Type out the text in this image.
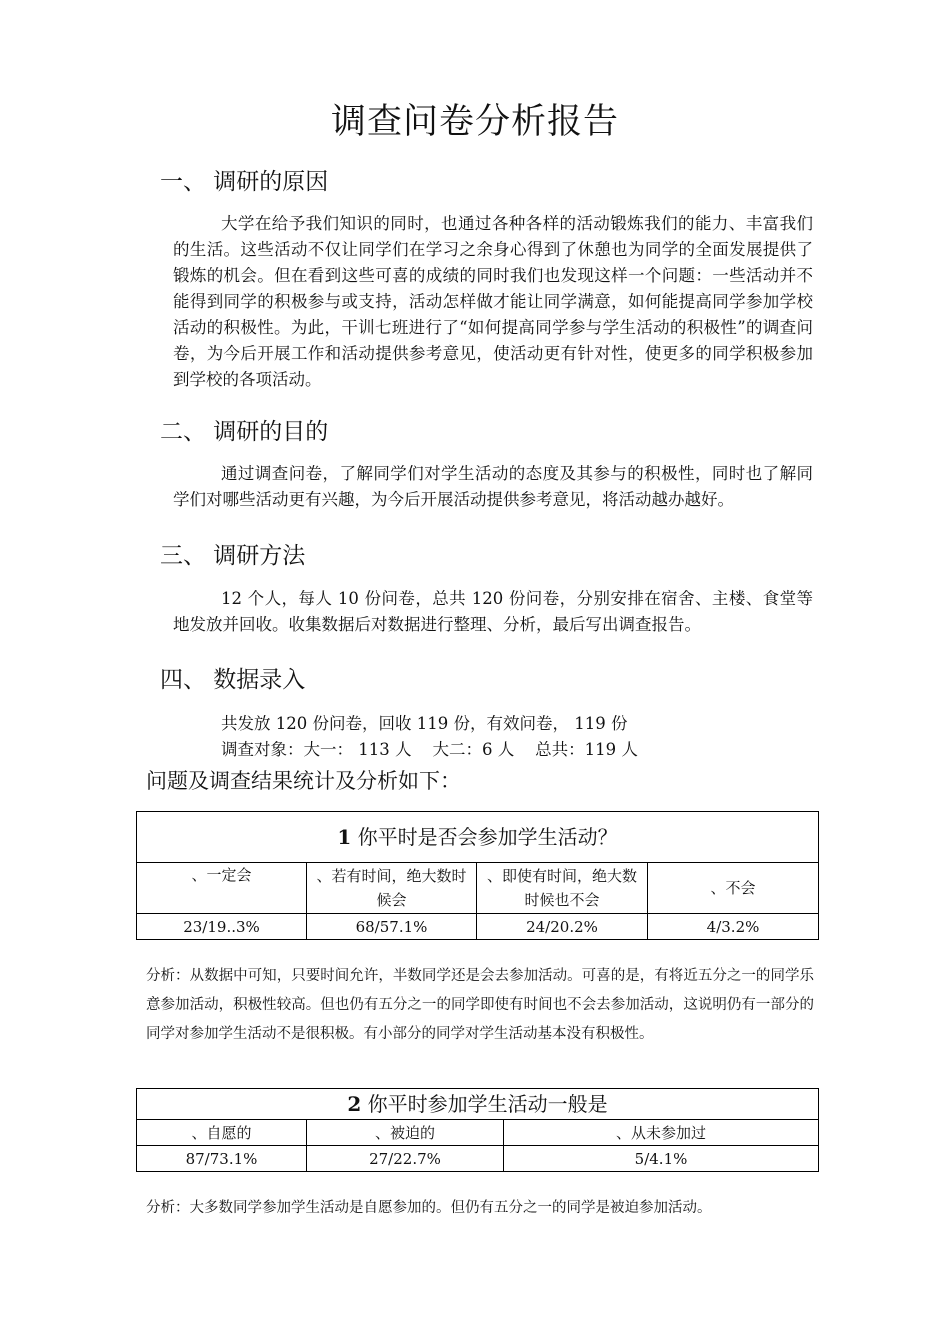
调查问卷分析报告
一、 调研的原因

大学在给予我们知识的同时，也通过各种各样的活动锻炼我们的能力、丰富我们的生活。这些活动不仅让同学们在学习之余身心得到了休憩也为同学的全面发展提供了锻炼的机会。但在看到这些可喜的成绩的同时我们也发现这样一个问题：一些活动并不能得到同学的积极参与或支持，活动怎样做才能让同学满意，如何能提高同学参加学校活动的积极性。为此，干训七班进行了“如何提高同学参与学生活动的积极性”的调查问卷，为今后开展工作和活动提供参考意见，使活动更有针对性，使更多的同学积极参加到学校的各项活动。

二、 调研的目的

通过调查问卷，了解同学们对学生活动的态度及其参与的积极性，同时也了解同学们对哪些活动更有兴趣，为今后开展活动提供参考意见，将活动越办越好。

三、 调研方法

12 个人，每人 10 份问卷，总共 120 份问卷，分别安排在宿舍、主楼、食堂等地发放并回收。收集数据后对数据进行整理、分析，最后写出调查报告。

四、 数据录入
共发放 120 份问卷，回收 119 份，有效问卷， 119 份
调查对象：大一： 113 人    大二：6 人    总共：119 人
问题及调查结果统计及分析如下：
1 你平时是否会参加学生活动？			
、一定会	、若有时间，绝大数时候会	、即使有时间，绝大数时候也不会	、不会
23/19..3%	68/57.1%	24/20.2%	4/3.2%

分析：从数据中可知，只要时间允许，半数同学还是会去参加活动。可喜的是，有将近五分之一的同学乐意参加活动，积极性较高。但也仍有五分之一的同学即使有时间也不会去参加活动，这说明仍有一部分的同学对参加学生活动不是很积极。有小部分的同学对学生活动基本没有积极性。

2 你平时参加学生活动一般是		
、自愿的	、被迫的	、从未参加过
87/73.1%	27/22.7%	5/4.1%

分析：大多数同学参加学生活动是自愿参加的。但仍有五分之一的同学是被迫参加活动。
